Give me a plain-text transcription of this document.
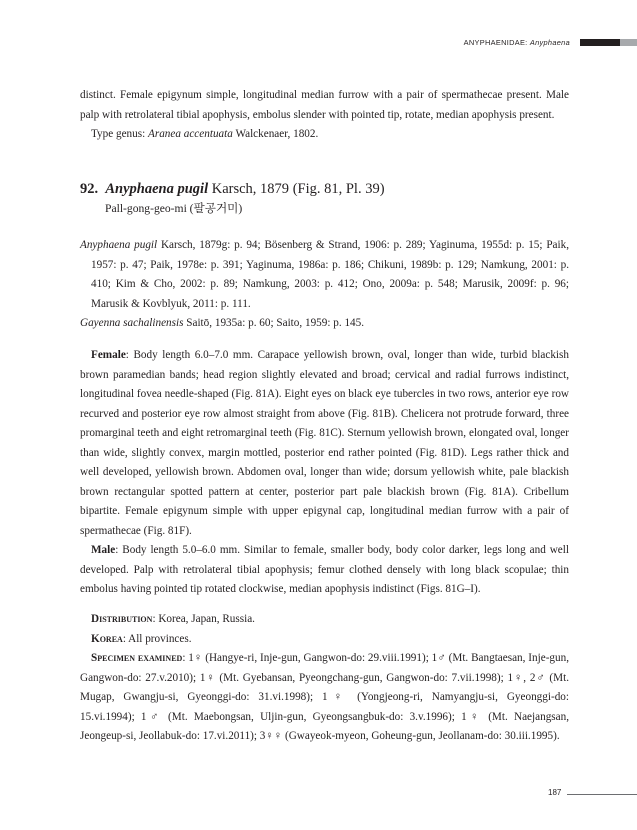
ANYPHAENIDAE: Anyphaena

distinct. Female epigynum simple, longitudinal median furrow with a pair of spermathecae present. Male palp with retrolateral tibial apophysis, embolus slender with pointed tip, rotate, median apophysis present.

Type genus: Aranea accentuata Walckenaer, 1802.

92. Anyphaena pugil Karsch, 1879 (Fig. 81, Pl. 39)
Pall-gong-geo-mi (팔공거미)

Anyphaena pugil Karsch, 1879g: p. 94; Bösenberg & Strand, 1906: p. 289; Yaginuma, 1955d: p. 15; Paik, 1957: p. 47; Paik, 1978e: p. 391; Yaginuma, 1986a: p. 186; Chikuni, 1989b: p. 129; Namkung, 2001: p. 410; Kim & Cho, 2002: p. 89; Namkung, 2003: p. 412; Ono, 2009a: p. 548; Marusik, 2009f: p. 96; Marusik & Kovblyuk, 2011: p. 111.

Gayenna sachalinensis Saitō, 1935a: p. 60; Saito, 1959: p. 145.

Female: Body length 6.0–7.0 mm. Carapace yellowish brown, oval, longer than wide, turbid blackish brown paramedian bands; head region slightly elevated and broad; cervical and radial furrows indistinct, longitudinal fovea needle-shaped (Fig. 81A). Eight eyes on black eye tubercles in two rows, anterior eye row recurved and posterior eye row almost straight from above (Fig. 81B). Chelicera not protrude forward, three promarginal teeth and eight retromarginal teeth (Fig. 81C). Sternum yellowish brown, elongated oval, longer than wide, slightly convex, margin mottled, posterior end rather pointed (Fig. 81D). Legs rather thick and well developed, yellowish brown. Abdomen oval, longer than wide; dorsum yellowish white, pale blackish brown rectangular spotted pattern at center, posterior part pale blackish brown (Fig. 81A). Cribellum bipartite. Female epigynum simple with upper epigynal cap, longitudinal median furrow with a pair of spermathecae (Fig. 81F).

Male: Body length 5.0–6.0 mm. Similar to female, smaller body, body color darker, legs long and well developed. Palp with retrolateral tibial apophysis; femur clothed densely with long black scopulae; thin embolus having pointed tip rotated clockwise, median apophysis indistinct (Figs. 81G–I).

Distribution: Korea, Japan, Russia.

Korea: All provinces.

Specimen examined: 1♀ (Hangye-ri, Inje-gun, Gangwon-do: 29.viii.1991); 1♂ (Mt. Bangtaesan, Inje-gun, Gangwon-do: 27.v.2010); 1♀ (Mt. Gyebansan, Pyeongchang-gun, Gangwon-do: 7.vii.1998); 1♀, 2♂ (Mt. Mugap, Gwangju-si, Gyeonggi-do: 31.vi.1998); 1♀ (Yongjeong-ri, Namyangju-si, Gyeonggi-do: 15.vi.1994); 1♂ (Mt. Maebongsan, Uljin-gun, Gyeongsangbuk-do: 3.v.1996); 1♀ (Mt. Naejangsan, Jeongeup-si, Jeollabuk-do: 17.vi.2011); 3♀♀ (Gwayeok-myeon, Goheung-gun, Jeollanam-do: 30.iii.1995).

187
